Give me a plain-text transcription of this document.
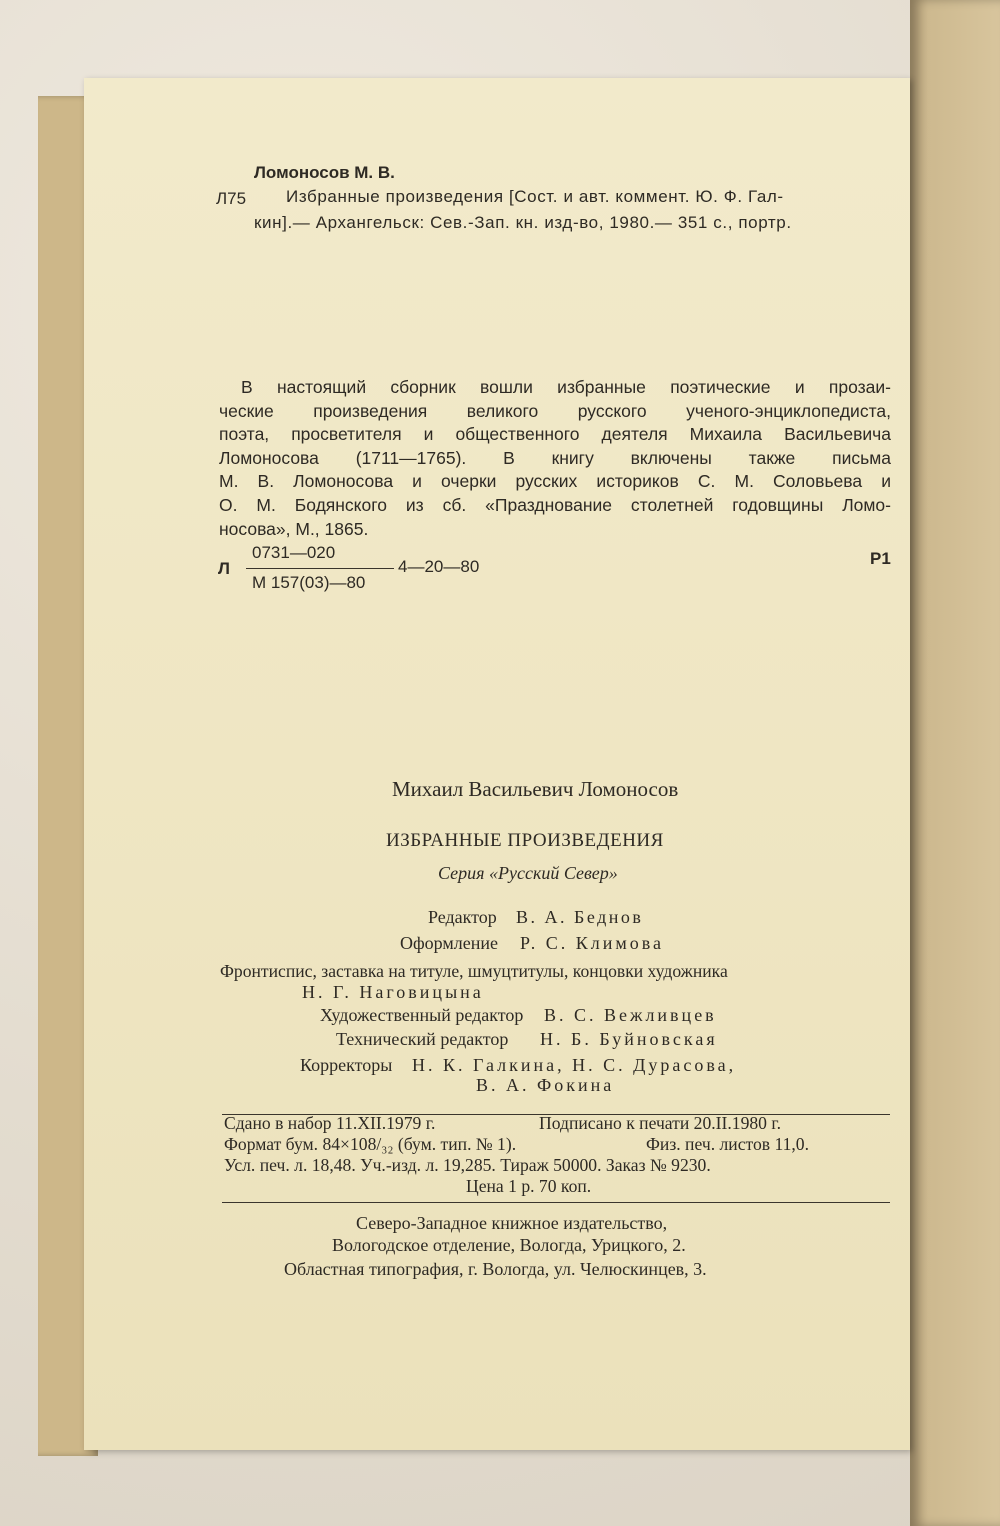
Ломоносов М. В.
Л75 Избранные произведения [Сост. и авт. коммент. Ю. Ф. Гал-
кин].— Архангельск: Сев.-Зап. кн. изд-во, 1980.— 351 с., портр.
В настоящий сборник вошли избранные поэтические и прозаи-
ческие произведения великого русского ученого-энциклопедиста,
поэта, просветителя и общественного деятеля Михаила Васильевича
Ломоносова (1711—1765). В книгу включены также письма
М. В. Ломоносова и очерки русских историков С. М. Соловьева и
О. М. Бодянского из сб. «Празднование столетней годовщины Ломо-
носова», М., 1865.
Л
0731—020
М 157(03)—80
4—20—80	Р1
Михаил Васильевич Ломоносов
ИЗБРАННЫЕ ПРОИЗВЕДЕНИЯ
Серия «Русский Север»
Редактор В. А. Беднов
Оформление Р. С. Климова
Фронтиспис, заставка на титуле, шмуцтитулы, концовки художника
Н. Г. Наговицына
Художественный редактор В. С. Вежливцев
Технический редактор Н. Б. Буйновская
Корректоры Н. К. Галкина, Н. С. Дурасова,
В. А. Фокина
Сдано в набор 11.XII.1979 г.	Подписано к печати 20.II.1980 г.
Формат бум. 84×108/₃₂ (бум. тип. № 1).	Физ. печ. листов 11,0.
Усл. печ. л. 18,48. Уч.-изд. л. 19,285. Тираж 50000. Заказ № 9230.
Цена 1 р. 70 коп.
Северо-Западное книжное издательство,
Вологодское отделение, Вологда, Урицкого, 2.
Областная типография, г. Вологда, ул. Челюскинцев, 3.
